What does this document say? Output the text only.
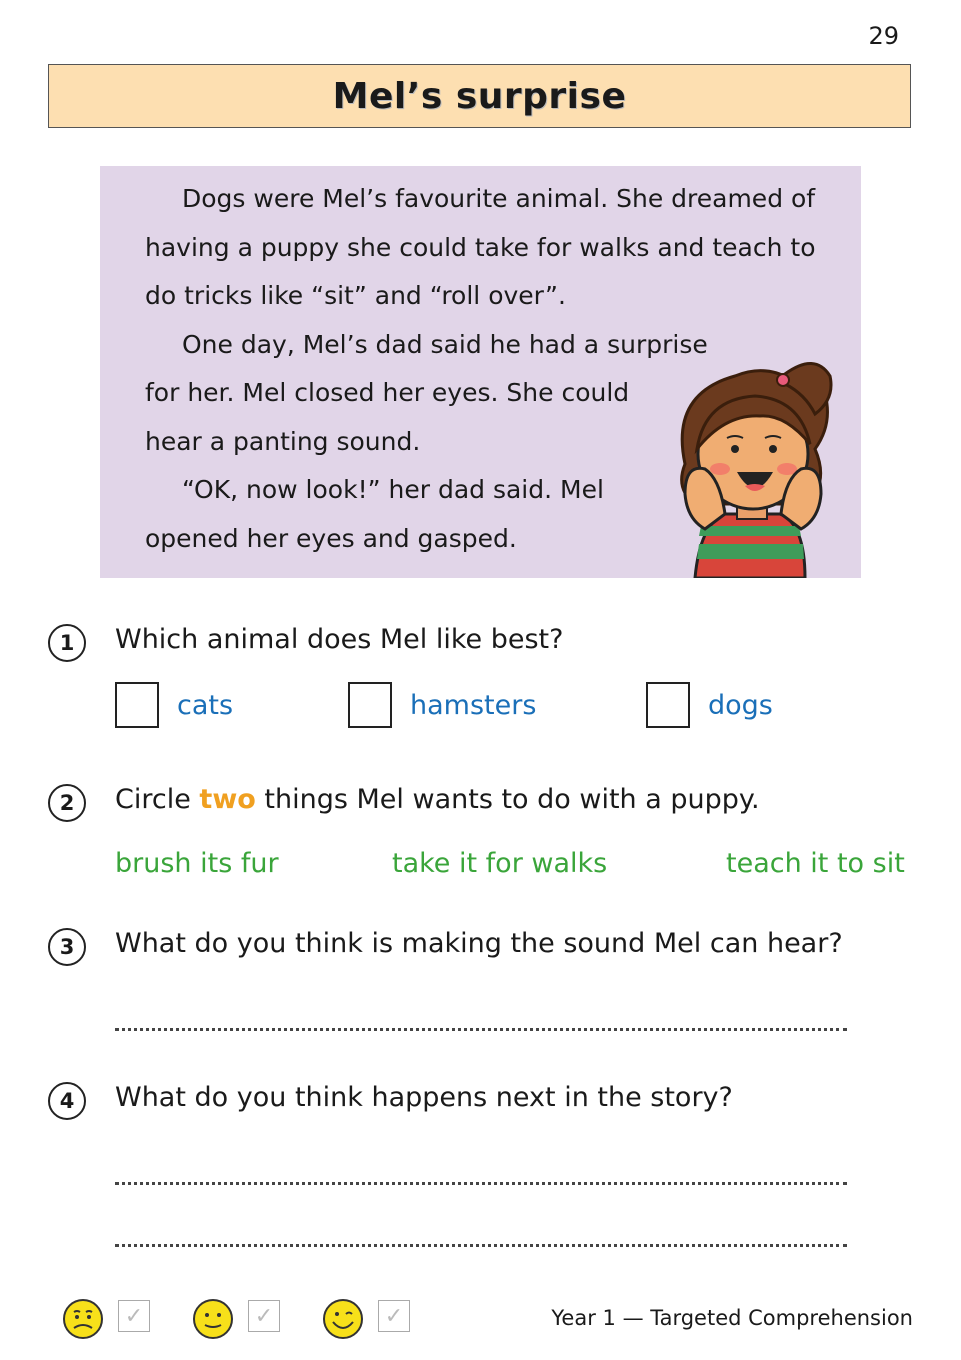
29
Mel’s surprise
Dogs were Mel’s favourite animal. She dreamed of
having a puppy she could take for walks and teach to
do tricks like “sit” and “roll over”.
One day, Mel’s dad said he had a surprise
for her. Mel closed her eyes. She could
hear a panting sound.
“OK, now look!” her dad said. Mel
opened her eyes and gasped.
1	Which animal does Mel like best?
cats	hamsters	dogs
2	Circle two things Mel wants to do with a puppy.
brush its fur	take it for walks	teach it to sit
3	What do you think is making the sound Mel can hear?
4	What do you think happens next in the story?
✓	✓	✓	Year 1 — Targeted Comprehension
